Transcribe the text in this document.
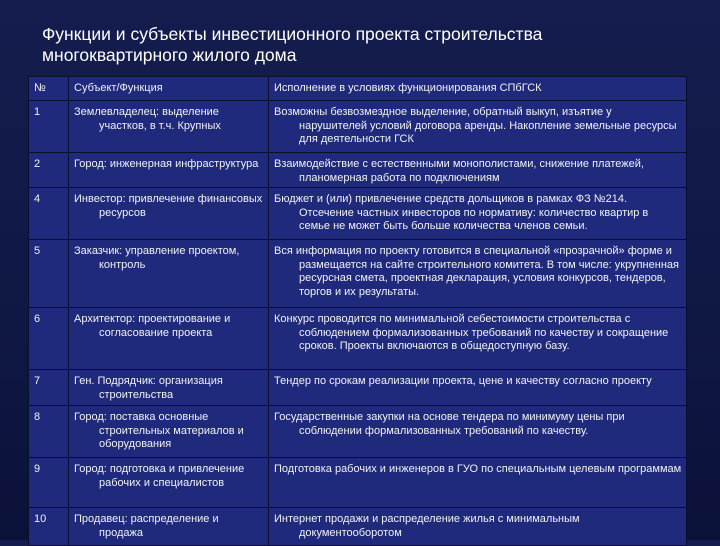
Функции и субъекты инвестиционного проекта строительства многоквартирного жилого дома
№	Субъект/Функция	Исполнение в условиях функционирования СПбГСК
1	Землевладелец: выделение участков, в т.ч. Крупных	Возможны безвозмездное выделение, обратный выкуп, изъятие у нарушителей условий договора аренды. Накопление земельные ресурсы для деятельности ГСК

2	Город: инженерная инфраструктура	Взаимодействие с естественными монополистами, снижение платежей, планомерная работа по подключениям

4	Инвестор: привлечение финансовых ресурсов	Бюджет и (или) привлечение средств дольщиков в рамках ФЗ №214. Отсечение частных инвесторов по нормативу: количество квартир в семье не может быть больше количества членов семьи.

5	Заказчик: управление проектом, контроль	Вся информация по проекту готовится в специальной «прозрачной» форме и размещается на сайте строительного комитета. В том числе: укрупненная ресурсная смета, проектная декларация, условия конкурсов, тендеров, торгов и их результаты.

6	Архитектор: проектирование и согласование проекта	Конкурс проводится по минимальной себестоимости строительства с соблюдением формализованных требований по качеству и сокращение сроков. Проекты включаются в общедоступную базу.

7	Ген. Подрядчик: организация строительства	Тендер по срокам реализации проекта, цене и качеству согласно проекту

8	Город: поставка основные строительных материалов и оборудования	Государственные закупки на основе тендера по минимуму цены при соблюдении формализованных требований по качеству.

9	Город: подготовка и привлечение рабочих и специалистов	Подготовка рабочих и инженеров в ГУО по специальным целевым программам

10	Продавец: распределение и продажа	Интернет продажи и распределение жилья с минимальным документооборотом
